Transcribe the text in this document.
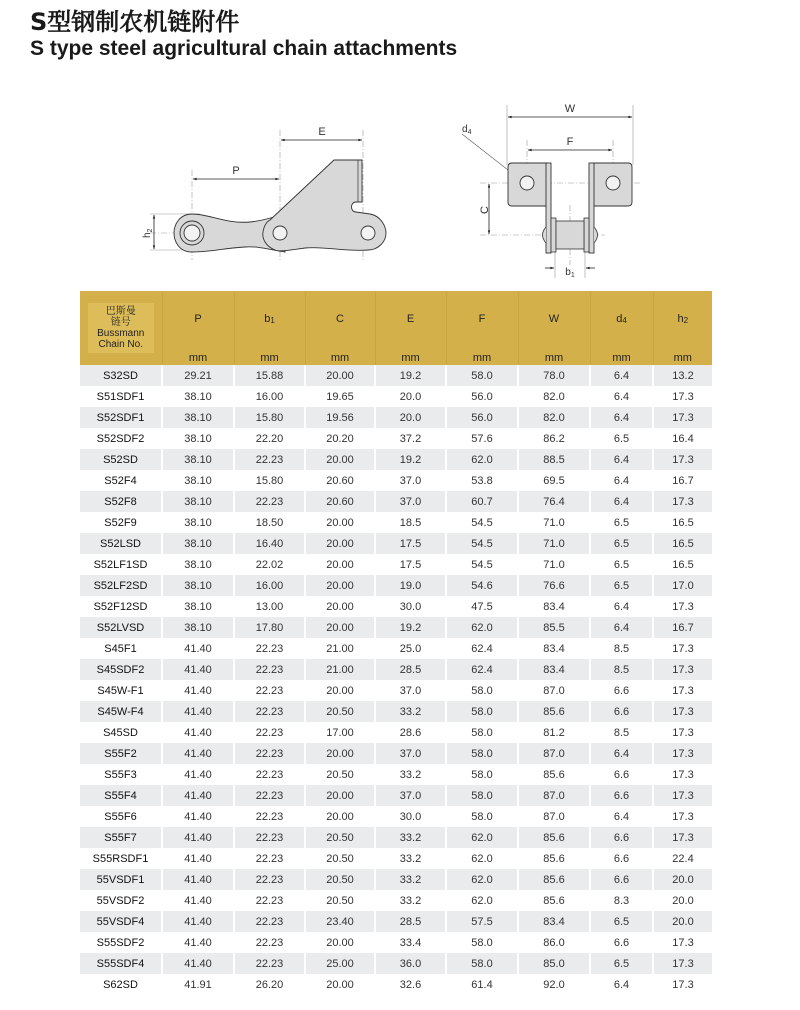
S型钢制农机链附件
S type steel agricultural chain attachments
E
P
$h_2$
W
F
$d_4$
C
$b_1$
巴斯曼
链号
Bussmann
Chain No.	P	$b_1$	C	E	F	W	$d_4$	$h_2$
	mm	mm	mm	mm	mm	mm	mm	mm
S32SD	29.21	15.88	20.00	19.2	58.0	78.0	6.4	13.2
S51SDF1	38.10	16.00	19.65	20.0	56.0	82.0	6.4	17.3
S52SDF1	38.10	15.80	19.56	20.0	56.0	82.0	6.4	17.3
S52SDF2	38.10	22.20	20.20	37.2	57.6	86.2	6.5	16.4
S52SD	38.10	22.23	20.00	19.2	62.0	88.5	6.4	17.3
S52F4	38.10	15.80	20.60	37.0	53.8	69.5	6.4	16.7
S52F8	38.10	22.23	20.60	37.0	60.7	76.4	6.4	17.3
S52F9	38.10	18.50	20.00	18.5	54.5	71.0	6.5	16.5
S52LSD	38.10	16.40	20.00	17.5	54.5	71.0	6.5	16.5
S52LF1SD	38.10	22.02	20.00	17.5	54.5	71.0	6.5	16.5
S52LF2SD	38.10	16.00	20.00	19.0	54.6	76.6	6.5	17.0
S52F12SD	38.10	13.00	20.00	30.0	47.5	83.4	6.4	17.3
S52LVSD	38.10	17.80	20.00	19.2	62.0	85.5	6.4	16.7
S45F1	41.40	22.23	21.00	25.0	62.4	83.4	8.5	17.3
S45SDF2	41.40	22.23	21.00	28.5	62.4	83.4	8.5	17.3
S45W-F1	41.40	22.23	20.00	37.0	58.0	87.0	6.6	17.3
S45W-F4	41.40	22.23	20.50	33.2	58.0	85.6	6.6	17.3
S45SD	41.40	22.23	17.00	28.6	58.0	81.2	8.5	17.3
S55F2	41.40	22.23	20.00	37.0	58.0	87.0	6.4	17.3
S55F3	41.40	22.23	20.50	33.2	58.0	85.6	6.6	17.3
S55F4	41.40	22.23	20.00	37.0	58.0	87.0	6.6	17.3
S55F6	41.40	22.23	20.00	30.0	58.0	87.0	6.4	17.3
S55F7	41.40	22.23	20.50	33.2	62.0	85.6	6.6	17.3
S55RSDF1	41.40	22.23	20.50	33.2	62.0	85.6	6.6	22.4
55VSDF1	41.40	22.23	20.50	33.2	62.0	85.6	6.6	20.0
55VSDF2	41.40	22.23	20.50	33.2	62.0	85.6	8.3	20.0
55VSDF4	41.40	22.23	23.40	28.5	57.5	83.4	6.5	20.0
S55SDF2	41.40	22.23	20.00	33.4	58.0	86.0	6.6	17.3
S55SDF4	41.40	22.23	25.00	36.0	58.0	85.0	6.5	17.3
S62SD	41.91	26.20	20.00	32.6	61.4	92.0	6.4	17.3
